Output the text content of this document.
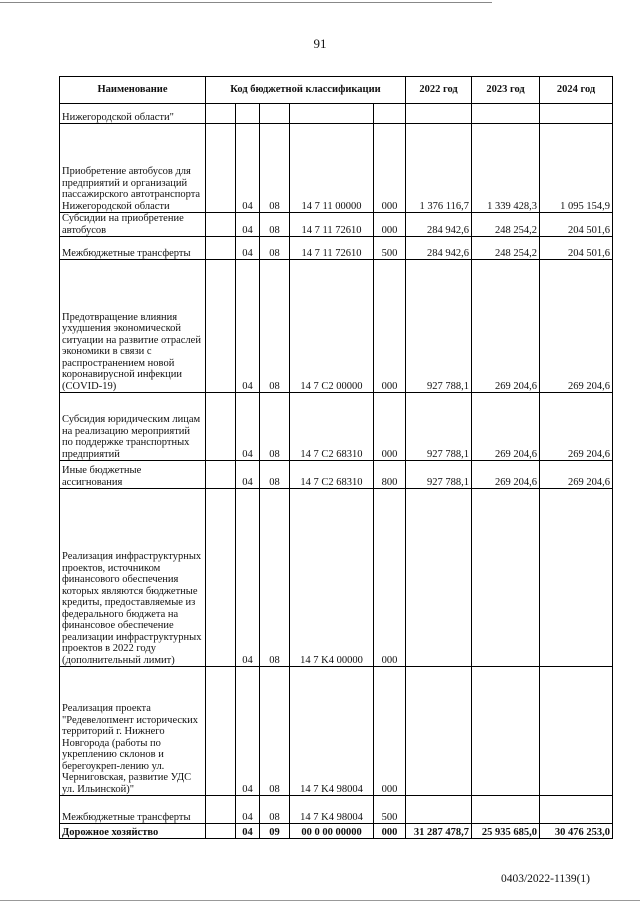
91
Наименование	Код бюджетной классификации					2022 год	2023 год	2024 год
Нижегородской области"								
Приобретение автобусов для предприятий и организаций пассажирского автотранспорта Нижегородской области		04	08	14 7 11 00000	000	1 376 116,7	1 339 428,3	1 095 154,9
Субсидии на приобретение автобусов		04	08	14 7 11 72610	000	284 942,6	248 254,2	204 501,6
Межбюджетные трансферты		04	08	14 7 11 72610	500	284 942,6	248 254,2	204 501,6
Предотвращение влияния ухудшения экономической ситуации на развитие отраслей экономики в связи с распространением новой коронавирусной инфекции (COVID-19)		04	08	14 7 C2 00000	000	927 788,1	269 204,6	269 204,6
Субсидия юридическим лицам на реализацию мероприятий по поддержке транспортных предприятий		04	08	14 7 C2 68310	000	927 788,1	269 204,6	269 204,6
Иные бюджетные ассигнования		04	08	14 7 C2 68310	800	927 788,1	269 204,6	269 204,6
Реализация инфраструктурных проектов, источником финансового обеспечения которых являются бюджетные кредиты, предоставляемые из федерального бюджета на финансовое обеспечение реализации инфраструктурных проектов в 2022 году (дополнительный лимит)		04	08	14 7 K4 00000	000			
Реализация проекта "Редевелопмент исторических территорий г. Нижнего Новгорода (работы по укреплению склонов и берегоукреп-лению ул. Черниговская, развитие УДС ул. Ильинской)"		04	08	14 7 K4 98004	000			
Межбюджетные трансферты		04	08	14 7 K4 98004	500			
Дорожное хозяйство		04	09	00 0 00 00000	000	31 287 478,7	25 935 685,0	30 476 253,0
0403/2022-1139(1)
